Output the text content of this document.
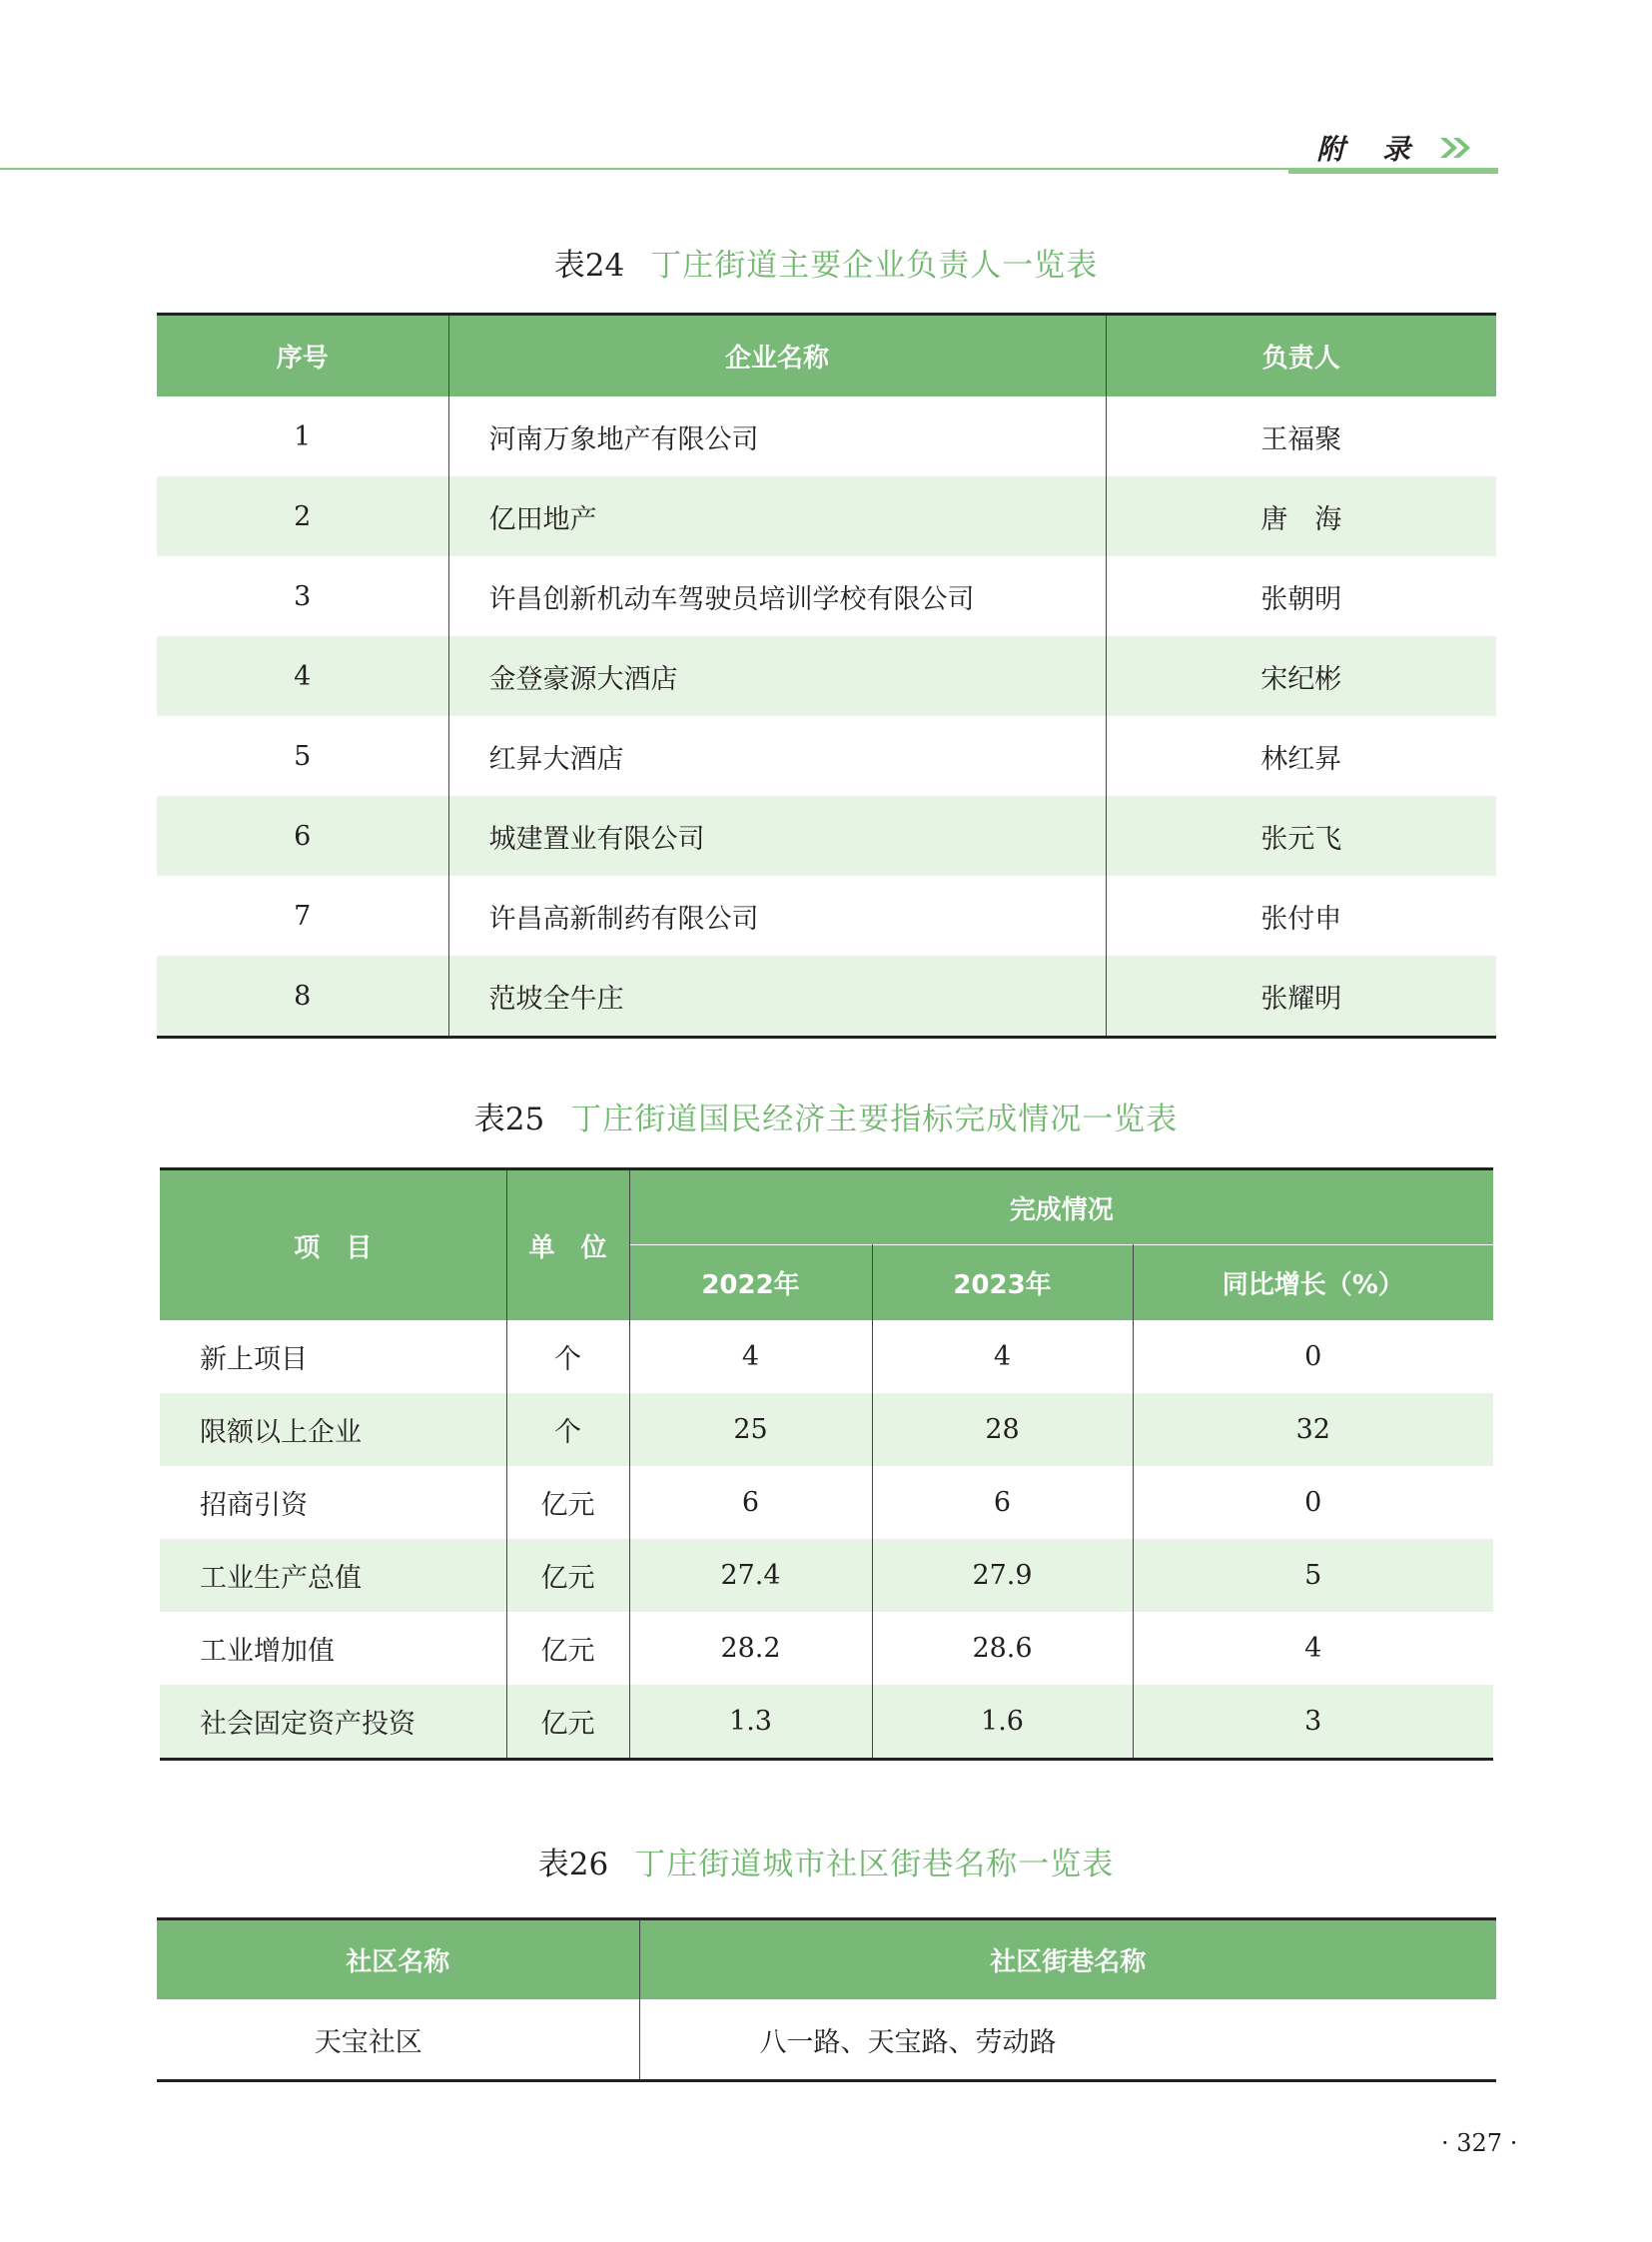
附 录
表24 丁庄街道主要企业负责人一览表
序号	企业名称	负责人
1	河南万象地产有限公司	王福聚
2	亿田地产	唐　海
3	许昌创新机动车驾驶员培训学校有限公司	张朝明
4	金登豪源大酒店	宋纪彬
5	红昇大酒店	林红昇
6	城建置业有限公司	张元飞
7	许昌高新制药有限公司	张付申
8	范坡全牛庄	张耀明
表25 丁庄街道国民经济主要指标完成情况一览表
项　目	单　位	完成情况		
		2022年	2023年	同比增长（%）
新上项目	个	4	4	0
限额以上企业	个	25	28	32
招商引资	亿元	6	6	0
工业生产总值	亿元	27.4	27.9	5
工业增加值	亿元	28.2	28.6	4
社会固定资产投资	亿元	1.3	1.6	3
表26 丁庄街道城市社区街巷名称一览表
社区名称	社区街巷名称
天宝社区	八一路、天宝路、劳动路
· 327 ·
